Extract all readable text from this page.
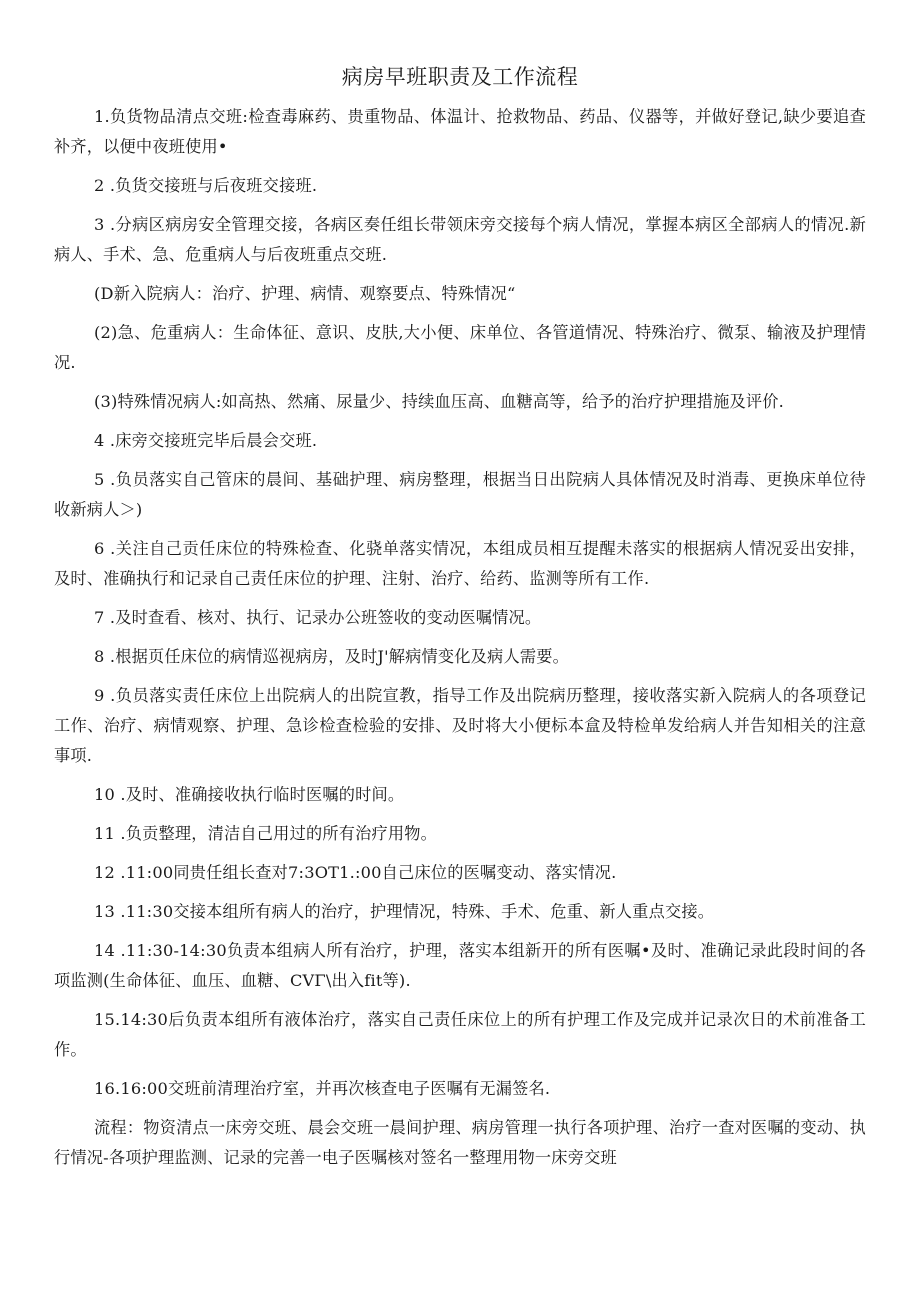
病房早班职责及工作流程

1.负货物品清点交班:检查毒麻药、贵重物品、体温计、抢救物品、药品、仪器等，并做好登记,缺少要追查补齐，以便中夜班使用•

2 .负货交接班与后夜班交接班.

3 .分病区病房安全管理交接，各病区奏任组长带领床旁交接每个病人情况，掌握本病区全部病人的情况.新病人、手术、急、危重病人与后夜班重点交班.

(D新入院病人：治疗、护理、病情、观察要点、特殊情况“

(2)急、危重病人：生命体征、意识、皮肤,大小便、床单位、各管道情况、特殊治疗、微泵、输液及护理情况.

(3)特殊情况病人:如高热、然痛、尿量少、持续血压高、血糖高等，给予的治疗护理措施及评价.

4 .床旁交接班完毕后晨会交班.

5 .负员落实自己管床的晨间、基础护理、病房整理，根据当日出院病人具体情况及时消毒、更换床单位待收新病人＞)

6 .关注自己贡任床位的特殊检查、化骁单落实情况，本组成员相互提醒未落实的根据病人情况妥出安排，及时、准确执行和记录自己责任床位的护理、注射、治疗、给药、监测等所有工作.

7 .及时查看、核对、执行、记录办公班签收的变动医嘱情况。

8 .根据页任床位的病情巡视病房，及时J'解病情变化及病人需要。

9 .负员落实责任床位上出院病人的出院宣教，指导工作及出院病历整理，接收落实新入院病人的各项登记工作、治疗、病情观察、护理、急诊检查检验的安排、及时将大小便标本盒及特检单发给病人并告知相关的注意事项.

10 .及时、准确接收执行临时医嘱的时间。

11 .负贡整理，清洁自己用过的所有治疗用物。

12 .11:00同贵任组长查对7:3OT1.:00自己床位的医嘱变动、落实情况.

13 .11:30交接本组所有病人的治疗，护理情况，特殊、手术、危重、新人重点交接。

14 .11:30-14:30负责本组病人所有治疗，护理，落实本组新开的所有医嘱•及时、准确记录此段时间的各项监测(生命体征、血压、血糖、CVΓ\出入fit等).

15.14:30后负责本组所有液体治疗，落实自己责任床位上的所有护理工作及完成并记录次日的术前准备工作。

16.16:00交班前清理治疗室，并再次核查电子医嘱有无漏签名.

流程：物资清点一床旁交班、晨会交班一晨间护理、病房管理一执行各项护理、治疗一查对医嘱的变动、执行情况-各项护理监测、记录的完善一电子医嘱核对签名一整理用物一床旁交班
